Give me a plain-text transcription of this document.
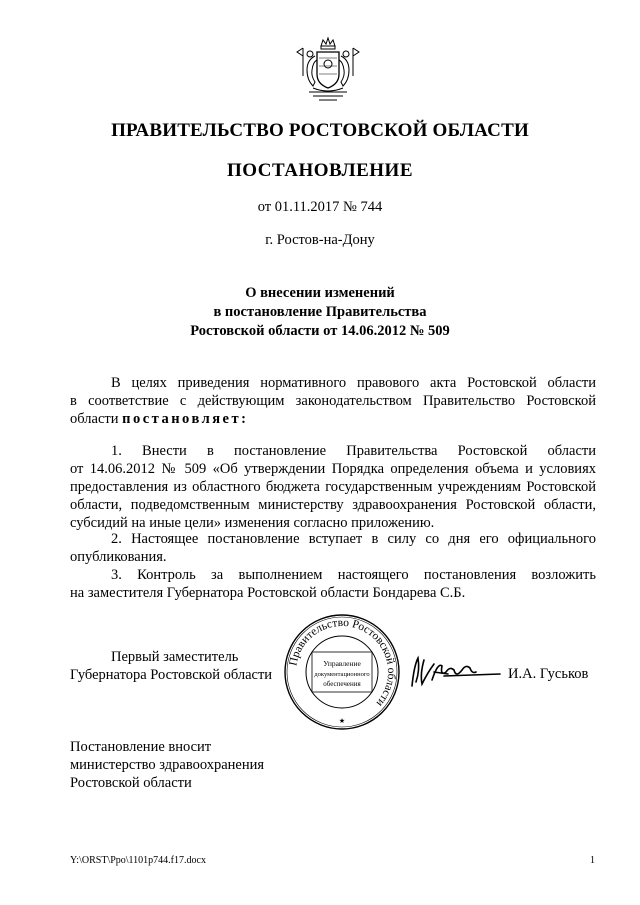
ПРАВИТЕЛЬСТВО РОСТОВСКОЙ ОБЛАСТИ
ПОСТАНОВЛЕНИЕ
от 01.11.2017 № 744
г. Ростов-на-Дону
О внесении изменений
в постановление Правительства
Ростовской области от 14.06.2012 № 509
В целях приведения нормативного правового акта Ростовской области
в соответствие с действующим законодательством Правительство Ростовской
области постановляет:
1. Внести в постановление Правительства Ростовской области
от 14.06.2012 № 509 «Об утверждении Порядка определения объема и условиях
предоставления из областного бюджета государственным учреждениям Ростовской
области, подведомственным министерству здравоохранения Ростовской области,
субсидий на иные цели» изменения согласно приложению.
2. Настоящее постановление вступает в силу со дня его официального
опубликования.
3. Контроль за выполнением настоящего постановления возложить
на заместителя Губернатора Ростовской области Бондарева С.Б.
Правительство Ростовской области
Управление
документационного
обеспечения
★
Первый заместитель
Губернатора Ростовской области	И.А. Гуськов
Постановление вносит
министерство здравоохранения
Ростовской области
Y:\ORST\Ppo\1101p744.f17.docx	1
